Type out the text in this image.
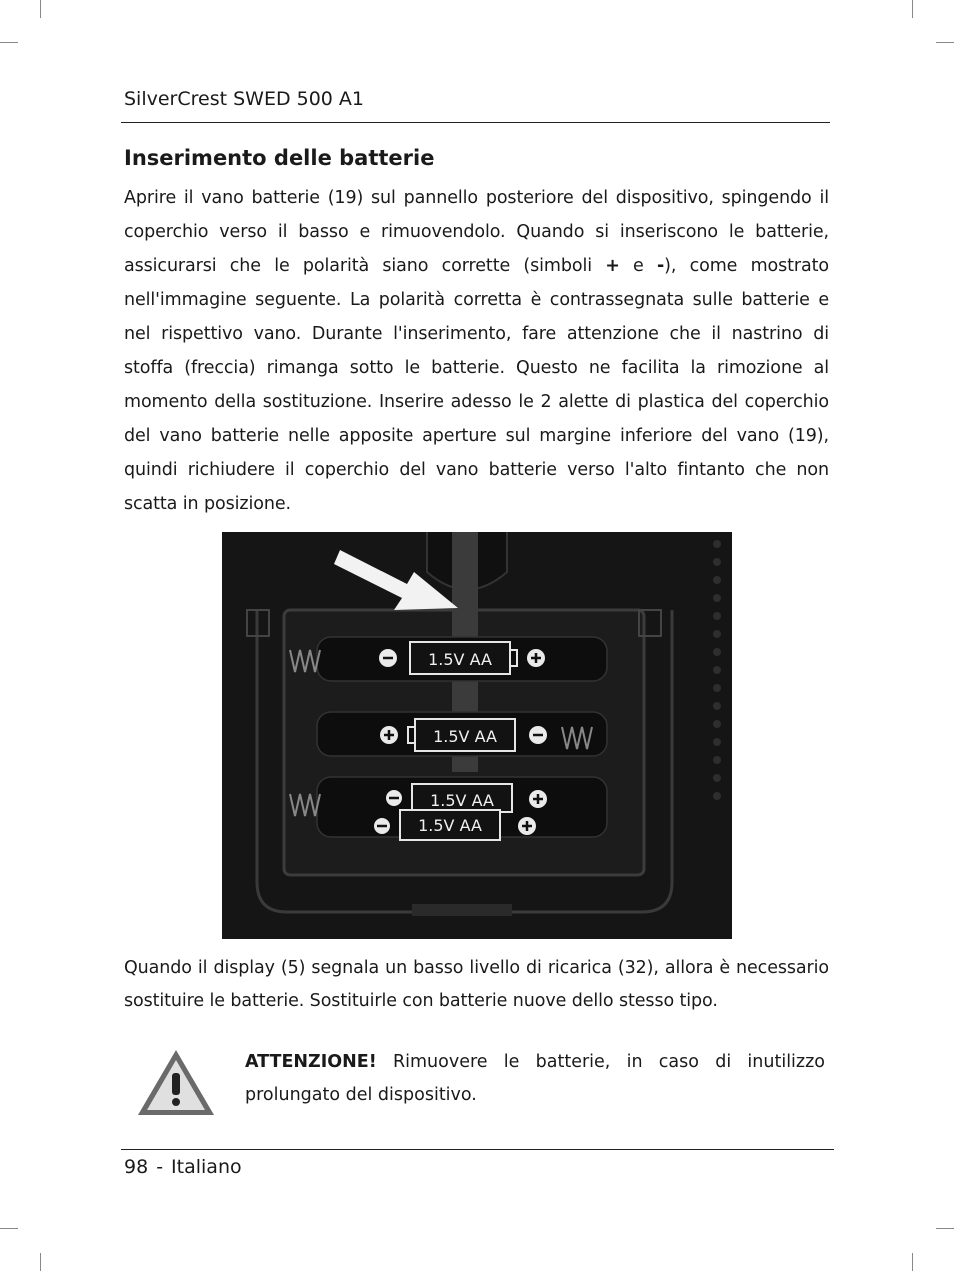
SilverCrest SWED 500 A1
Inserimento delle batterie

Aprire il vano batterie (19) sul pannello posteriore del dispositivo, spingendo il coperchio verso il basso e rimuovendolo. Quando si inseriscono le batterie, assicurarsi che le polarità siano corrette (simboli + e -), come mostrato nell'immagine seguente. La polarità corretta è contrassegnata sulle batterie e nel rispettivo vano. Durante l'inserimento, fare attenzione che il nastrino di stoffa (freccia) rimanga sotto le batterie. Questo ne facilita la rimozione al momento della sostituzione. Inserire adesso le 2 alette di plastica del coperchio del vano batterie nelle apposite aperture sul margine inferiore del vano (19), quindi richiudere il coperchio del vano batterie verso l'alto fintanto che non scatta in posizione.

1.5V AA
1.5V AA
1.5V AA
1.5V AA

Quando il display (5) segnala un basso livello di ricarica (32), allora è necessario sostituire le batterie. Sostituirle con batterie nuove dello stesso tipo.

ATTENZIONE! Rimuovere le batterie, in caso di inutilizzo prolungato del dispositivo.

98 - Italiano
